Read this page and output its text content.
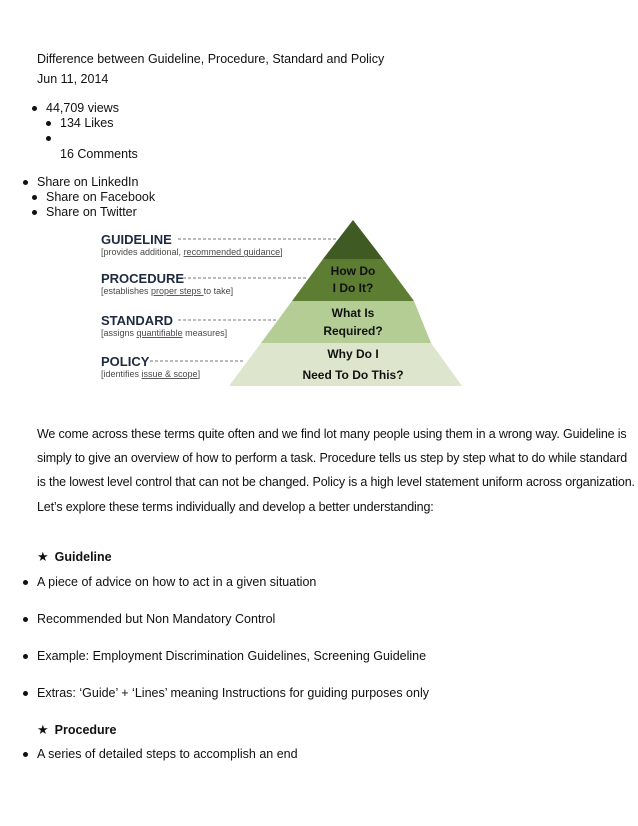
Difference between Guideline, Procedure, Standard and Policy
Jun 11, 2014
44,709 views
134 Likes
16 Comments
Share on LinkedIn
Share on Facebook
Share on Twitter
GUIDELINE
[provides additional, recommended guidance]
PROCEDURE
[establishes proper steps to take]
STANDARD
[assigns quantifiable measures]
POLICY
[identifies issue & scope]
How Do
I Do It?
What Is
Required?
Why Do I
Need To Do This?
We come across these terms quite often and we find lot many people using them in a wrong way. Guideline is
simply to give an overview of how to perform a task. Procedure tells us step by step what to do while standard
is the lowest level control that can not be changed. Policy is a high level statement uniform across organization.
Let’s explore these terms individually and develop a better understanding:
★ Guideline
A piece of advice on how to act in a given situation
Recommended but Non Mandatory Control
Example: Employment Discrimination Guidelines, Screening Guideline
Extras: ‘Guide’ + ‘Lines’ meaning Instructions for guiding purposes only
★ Procedure
A series of detailed steps to accomplish an end
